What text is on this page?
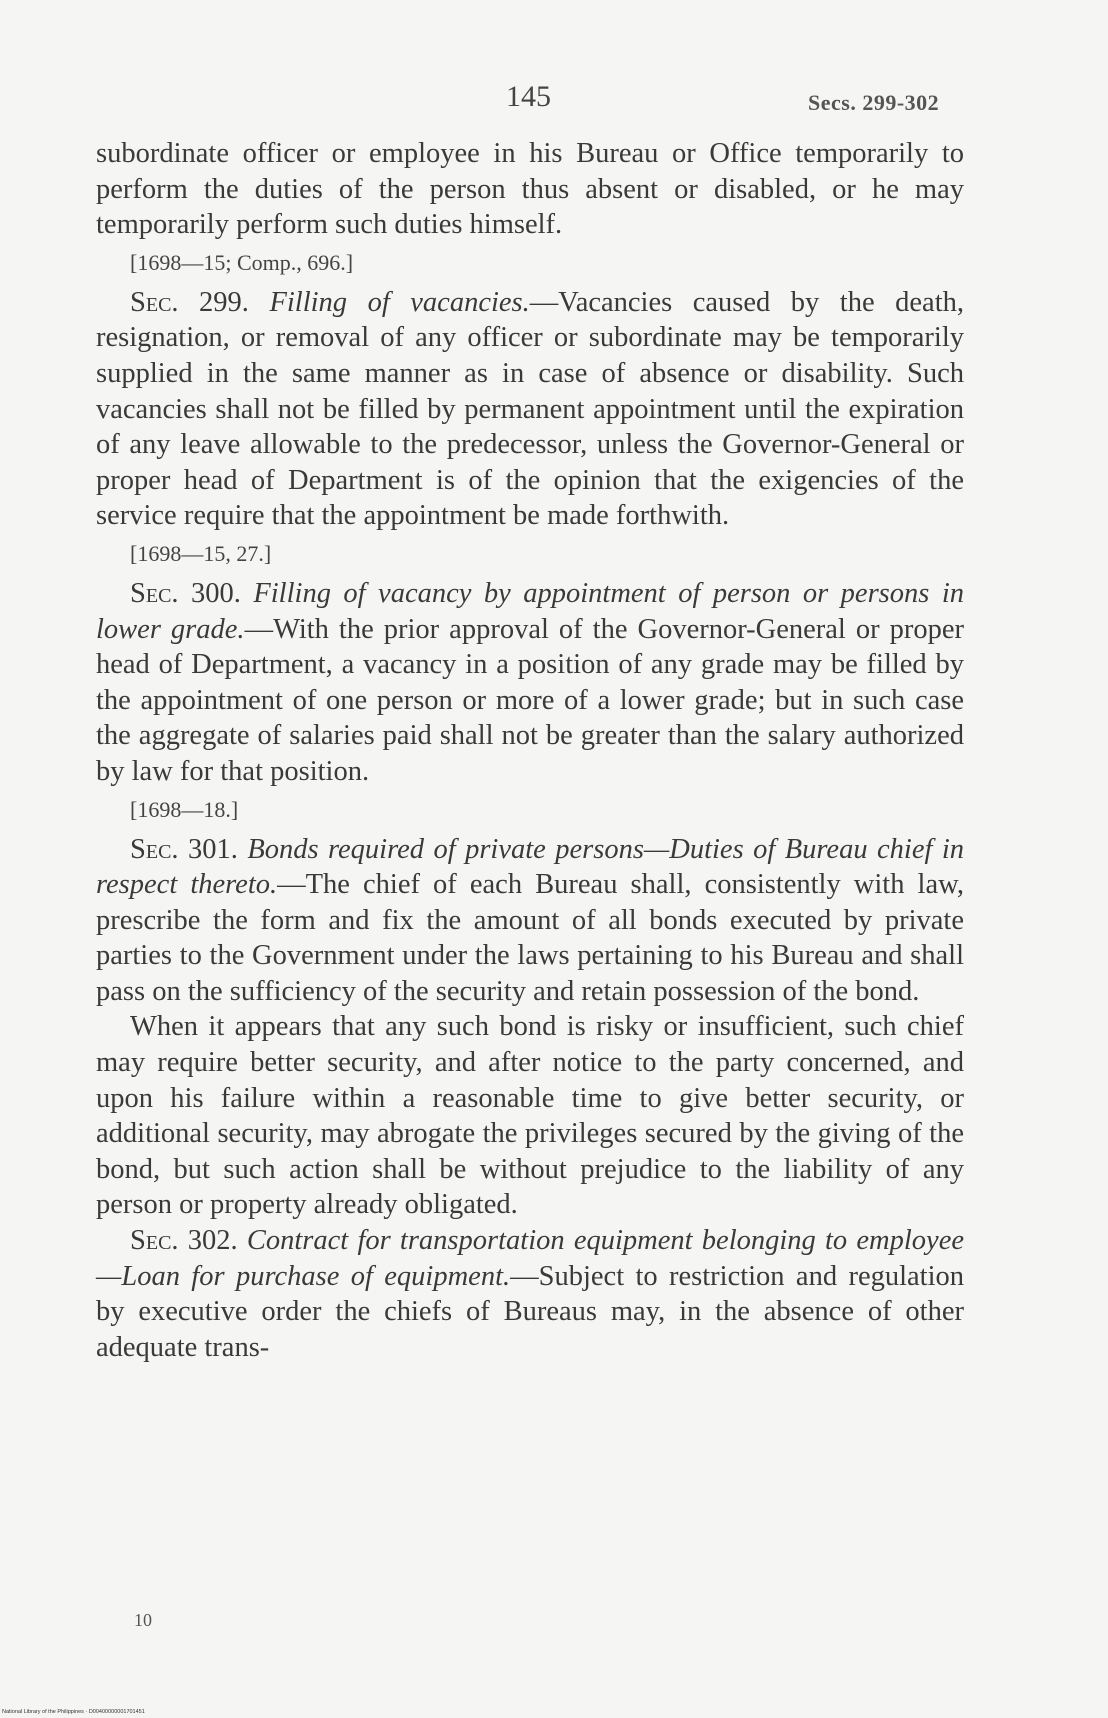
145	Secs. 299-302

subordinate officer or employee in his Bureau or Office temporarily to perform the duties of the person thus absent or disabled, or he may temporarily perform such duties himself.

[1698—15; Comp., 696.]

Sec. 299. Filling of vacancies.—Vacancies caused by the death, resignation, or removal of any officer or subordinate may be temporarily supplied in the same manner as in case of absence or disability. Such vacancies shall not be filled by permanent appointment until the expiration of any leave allowable to the predecessor, unless the Governor-General or proper head of Department is of the opinion that the exigencies of the service require that the appointment be made forthwith.

[1698—15, 27.]

Sec. 300. Filling of vacancy by appointment of person or persons in lower grade.—With the prior approval of the Governor-General or proper head of Department, a vacancy in a position of any grade may be filled by the appointment of one person or more of a lower grade; but in such case the aggregate of salaries paid shall not be greater than the salary authorized by law for that position.

[1698—18.]

Sec. 301. Bonds required of private persons—Duties of Bureau chief in respect thereto.—The chief of each Bureau shall, consistently with law, prescribe the form and fix the amount of all bonds executed by private parties to the Government under the laws pertaining to his Bureau and shall pass on the sufficiency of the security and retain possession of the bond.

When it appears that any such bond is risky or insufficient, such chief may require better security, and after notice to the party concerned, and upon his failure within a reasonable time to give better security, or additional security, may abrogate the privileges secured by the giving of the bond, but such action shall be without prejudice to the liability of any person or property already obligated.

Sec. 302. Contract for transportation equipment belonging to employee—Loan for purchase of equipment.—Subject to restriction and regulation by executive order the chiefs of Bureaus may, in the absence of other adequate trans-

10
National Library of the Philippines · D00400000001701451
